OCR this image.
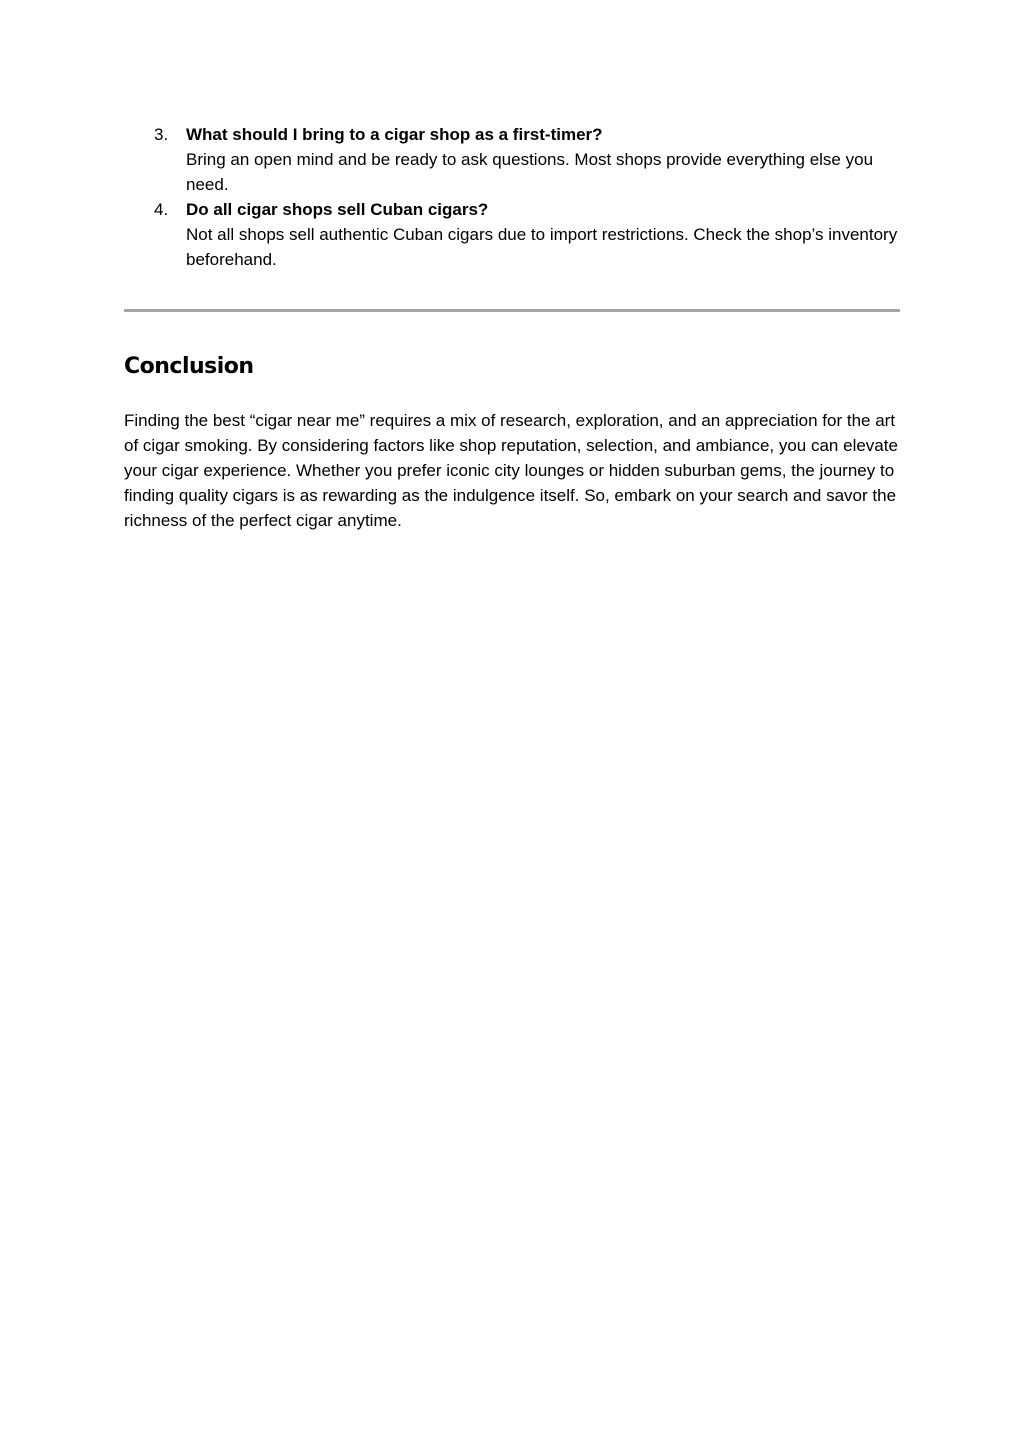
3.	What should I bring to a cigar shop as a first-timer?
Bring an open mind and be ready to ask questions. Most shops provide everything else you need.
4.	Do all cigar shops sell Cuban cigars?
Not all shops sell authentic Cuban cigars due to import restrictions. Check the shop’s inventory beforehand.
Conclusion

Finding the best “cigar near me” requires a mix of research, exploration, and an appreciation for the art of cigar smoking. By considering factors like shop reputation, selection, and ambiance, you can elevate your cigar experience. Whether you prefer iconic city lounges or hidden suburban gems, the journey to finding quality cigars is as rewarding as the indulgence itself. So, embark on your search and savor the richness of the perfect cigar anytime.
